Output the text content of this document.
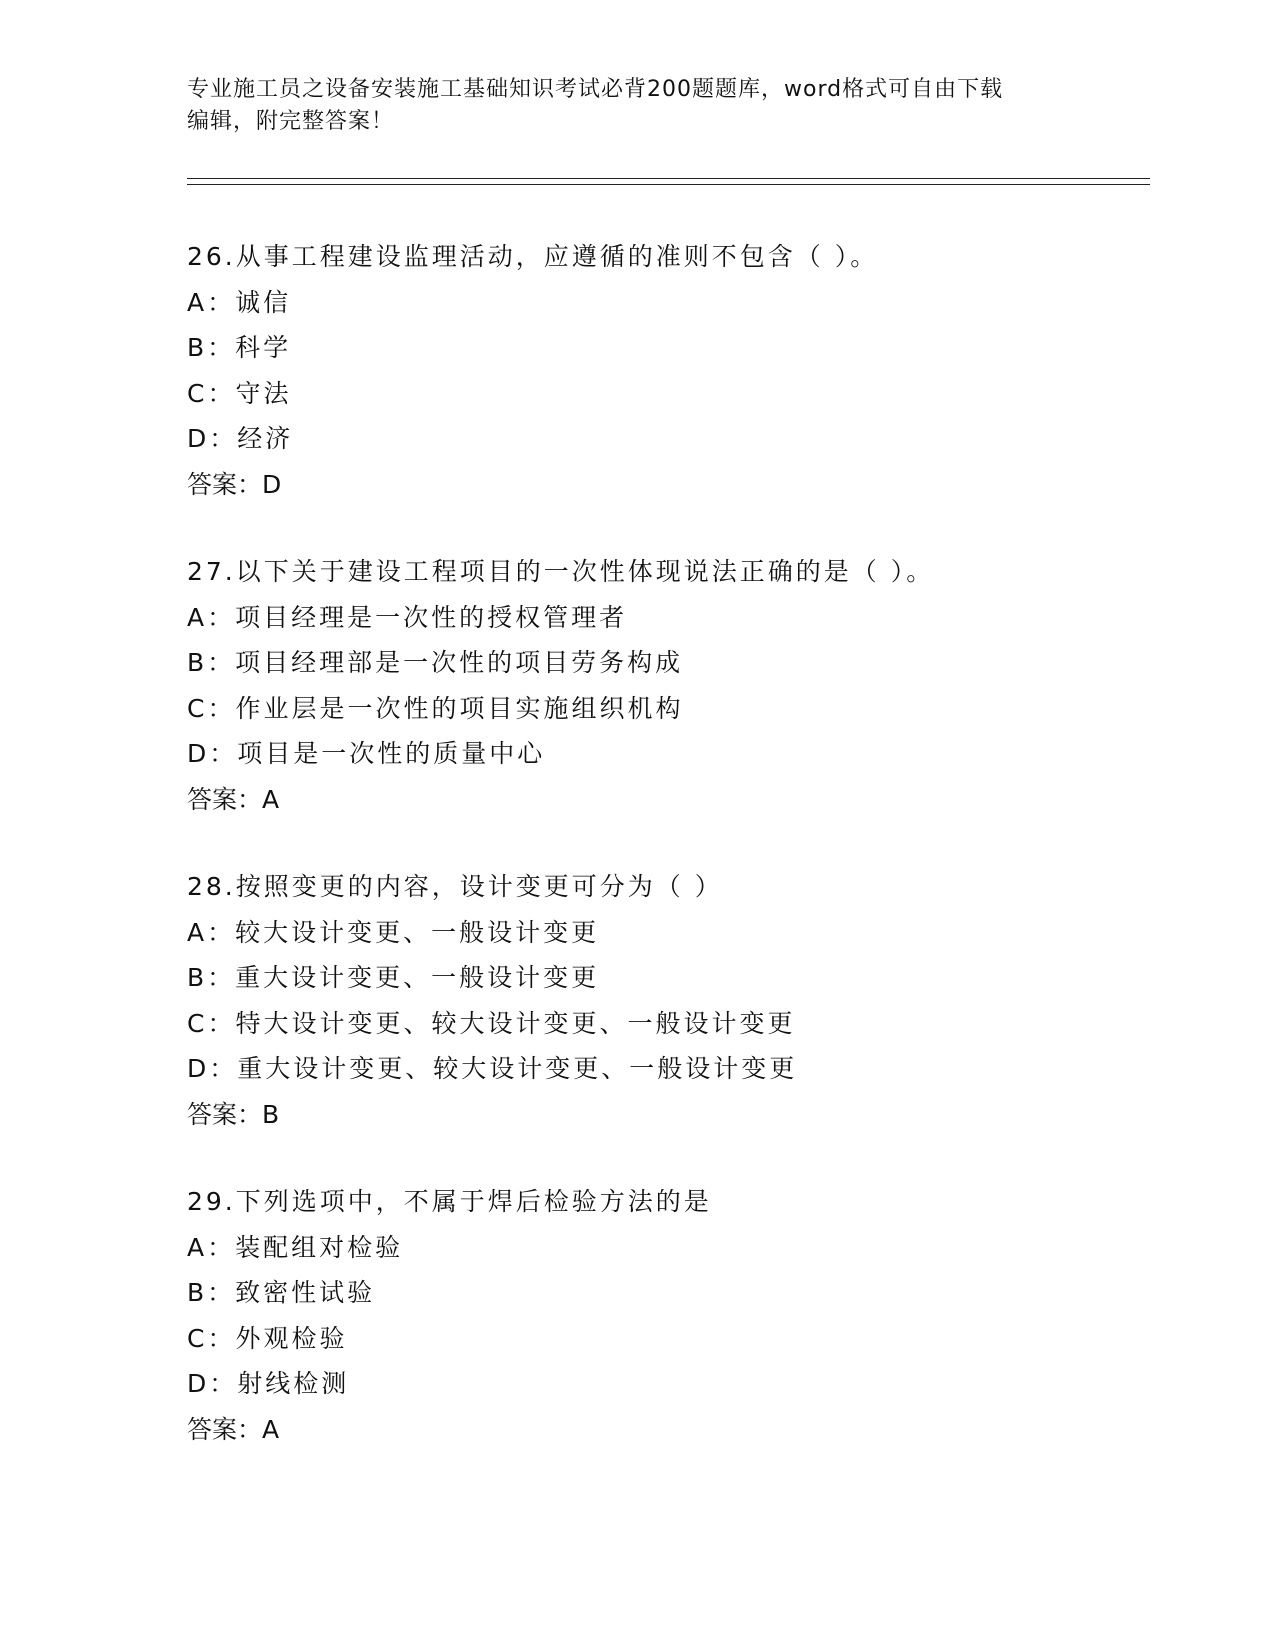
专业施工员之设备安装施工基础知识考试必背200题题库，word格式可自由下载
编辑，附完整答案！
26.从事工程建设监理活动，应遵循的准则不包含（ ）。
A：诚信
B：科学
C：守法
D：经济
答案：D
27.以下关于建设工程项目的一次性体现说法正确的是（ ）。
A：项目经理是一次性的授权管理者
B：项目经理部是一次性的项目劳务构成
C：作业层是一次性的项目实施组织机构
D：项目是一次性的质量中心
答案：A
28.按照变更的内容，设计变更可分为（ ）
A：较大设计变更、一般设计变更
B：重大设计变更、一般设计变更
C：特大设计变更、较大设计变更、一般设计变更
D：重大设计变更、较大设计变更、一般设计变更
答案：B
29.下列选项中，不属于焊后检验方法的是
A：装配组对检验
B：致密性试验
C：外观检验
D：射线检测
答案：A
